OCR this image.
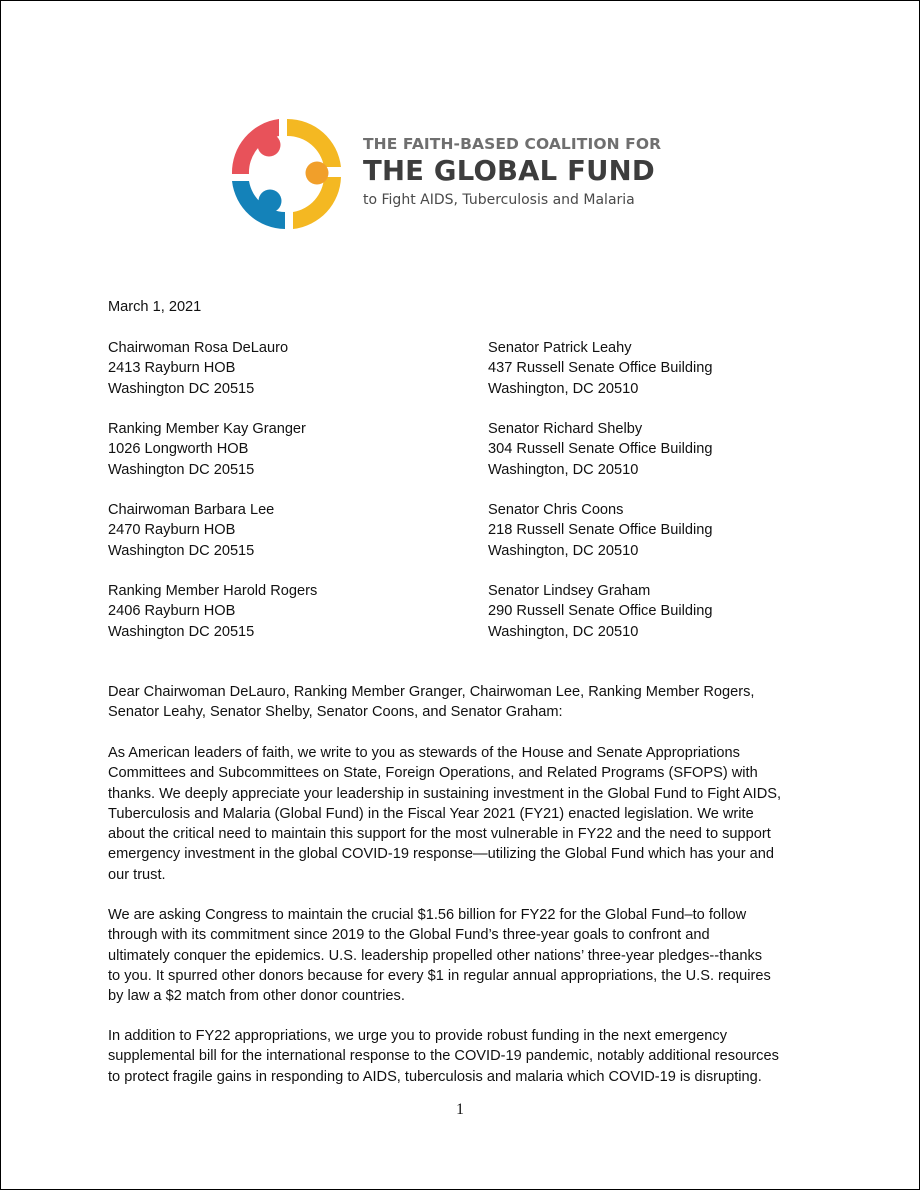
THE FAITH-BASED COALITION FOR
THE GLOBAL FUND
to Fight AIDS, Tuberculosis and Malaria
March 1, 2021
Chairwoman Rosa DeLauro
2413 Rayburn HOB
Washington DC 20515
Ranking Member Kay Granger
1026 Longworth HOB
Washington DC 20515
Chairwoman Barbara Lee
2470 Rayburn HOB
Washington DC 20515
Ranking Member Harold Rogers
2406 Rayburn HOB
Washington DC 20515
Senator Patrick Leahy
437 Russell Senate Office Building
Washington, DC 20510
Senator Richard Shelby
304 Russell Senate Office Building
Washington, DC 20510
Senator Chris Coons
218 Russell Senate Office Building
Washington, DC 20510
Senator Lindsey Graham
290 Russell Senate Office Building
Washington, DC 20510
Dear Chairwoman DeLauro, Ranking Member Granger, Chairwoman Lee, Ranking Member Rogers,
Senator Leahy, Senator Shelby, Senator Coons, and Senator Graham:
As American leaders of faith, we write to you as stewards of the House and Senate Appropriations
Committees and Subcommittees on State, Foreign Operations, and Related Programs (SFOPS) with
thanks. We deeply appreciate your leadership in sustaining investment in the Global Fund to Fight AIDS,
Tuberculosis and Malaria (Global Fund) in the Fiscal Year 2021 (FY21) enacted legislation. We write
about the critical need to maintain this support for the most vulnerable in FY22 and the need to support
emergency investment in the global COVID-19 response—utilizing the Global Fund which has your and
our trust.
We are asking Congress to maintain the crucial $1.56 billion for FY22 for the Global Fund–to follow
through with its commitment since 2019 to the Global Fund’s three-year goals to confront and
ultimately conquer the epidemics. U.S. leadership propelled other nations’ three-year pledges--thanks
to you. It spurred other donors because for every $1 in regular annual appropriations, the U.S. requires
by law a $2 match from other donor countries.
In addition to FY22 appropriations, we urge you to provide robust funding in the next emergency
supplemental bill for the international response to the COVID-19 pandemic, notably additional resources
to protect fragile gains in responding to AIDS, tuberculosis and malaria which COVID-19 is disrupting.
1
